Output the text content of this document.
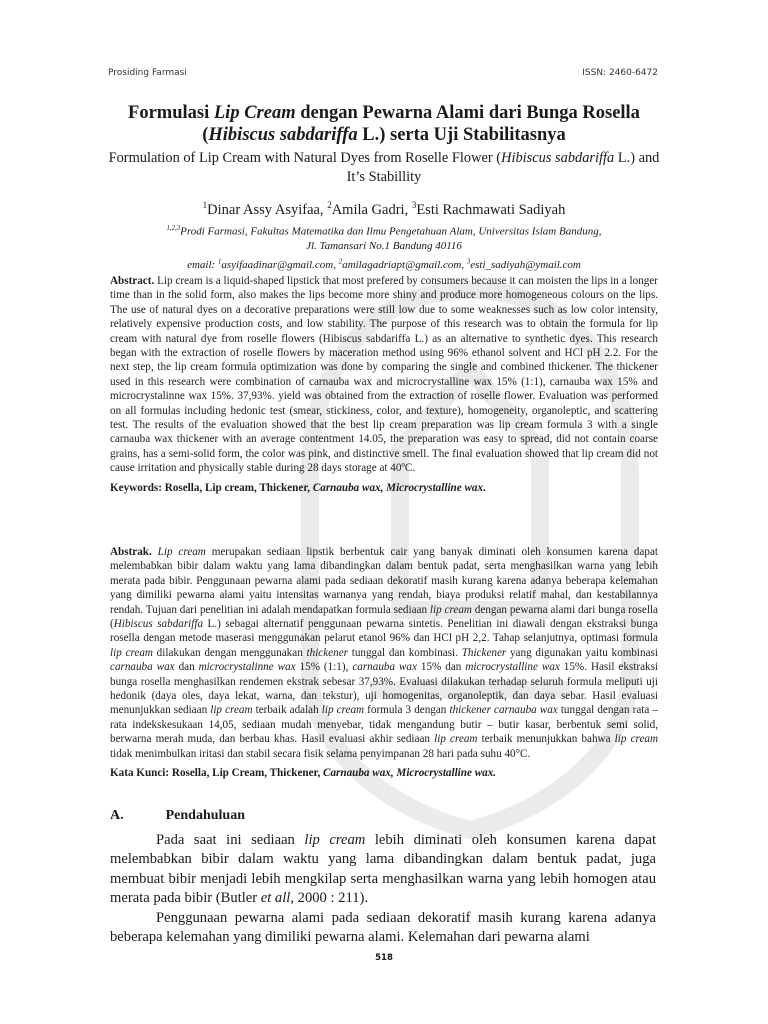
Prosiding Farmasi	ISSN: 2460-6472
Formulasi Lip Cream dengan Pewarna Alami dari Bunga Rosella
(Hibiscus sabdariffa L.) serta Uji Stabilitasnya
Formulation of Lip Cream with Natural Dyes from Roselle Flower (Hibiscus sabdariffa L.) and It’s Stabillity
$^1$Dinar Assy Asyifaa, $^2$Amila Gadri, $^3$Esti Rachmawati Sadiyah
$^{1,2,3}$Prodi Farmasi, Fakultas Matematika dan Ilmu Pengetahuan Alam, Universitas Islam Bandung,
Jl. Tamansari No.1 Bandung 40116
email: $^1$asyifaadinar@gmail.com, $^2$amilagadriapt@gmail.com, $^3$esti_sadiyah@ymail.com

Abstract. Lip cream is a liquid-shaped lipstick that most prefered by consumers because it can moisten the lips in a longer time than in the solid form, also makes the lips become more shiny and produce more homogeneous colours on the lips. The use of natural dyes on a decorative preparations were still low due to some weaknesses such as low color intensity, relatively expensive production costs, and low stability. The purpose of this research was to obtain the formula for lip cream with natural dye from roselle flowers (Hibiscus sabdariffa L.) as an alternative to synthetic dyes. This research began with the extraction of roselle flowers by maceration method using 96% ethanol solvent and HCl pH 2.2. For the next step, the lip cream formula optimization was done by comparing the single and combined thickener. The thickener used in this research were combination of carnauba wax and microcrystalline wax 15% (1:1), carnauba wax 15% and microcrystalinne wax 15%. 37,93%. yield was obtained from the extraction of roselle flower. Evaluation was performed on all formulas including hedonic test (smear, stickiness, color, and texture), homogeneity, organoleptic, and scattering test. The results of the evaluation showed that the best lip cream preparation was lip cream formula 3 with a single carnauba wax thickener with an average contentment 14.05, the preparation was easy to spread, did not contain coarse grains, has a semi-solid form, the color was pink, and distinctive smell. The final evaluation showed that lip cream did not cause irritation and physically stable during 28 days storage at 40ºC.

Keywords: Rosella, Lip cream, Thickener, Carnauba wax, Microcrystalline wax.

Abstrak. Lip cream merupakan sediaan lipstik berbentuk cair yang banyak diminati oleh konsumen karena dapat melembabkan bibir dalam waktu yang lama dibandingkan dalam bentuk padat, serta menghasilkan warna yang lebih merata pada bibir. Penggunaan pewarna alami pada sediaan dekoratif masih kurang karena adanya beberapa kelemahan yang dimiliki pewarna alami yaitu intensitas warnanya yang rendah, biaya produksi relatif mahal, dan kestabilannya rendah. Tujuan dari penelitian ini adalah mendapatkan formula sediaan lip cream dengan pewarna alami dari bunga rosella (Hibiscus sabdariffa L.) sebagai alternatif penggunaan pewarna sintetis. Penelitian ini diawali dengan ekstraksi bunga rosella dengan metode maserasi menggunakan pelarut etanol 96% dan HCl pH 2,2. Tahap selanjutnya, optimasi formula lip cream dilakukan dengan menggunakan thickener tunggal dan kombinasi. Thickener yang digunakan yaitu kombinasi carnauba wax dan microcrystalinne wax 15% (1:1), carnauba wax 15% dan microcrystalline wax 15%. Hasil ekstraksi bunga rosella menghasilkan rendemen ekstrak sebesar 37,93%. Evaluasi dilakukan terhadap seluruh formula meliputi uji hedonik (daya oles, daya lekat, warna, dan tekstur), uji homogenitas, organoleptik, dan daya sebar. Hasil evaluasi menunjukkan sediaan lip cream terbaik adalah lip cream formula 3 dengan thickener carnauba wax tunggal dengan rata – rata indekskesukaan 14,05, sediaan mudah menyebar, tidak mengandung butir – butir kasar, berbentuk semi solid, berwarna merah muda, dan berbau khas. Hasil evaluasi akhir sediaan lip cream terbaik menunjukkan bahwa lip cream tidak menimbulkan iritasi dan stabil secara fisik selama penyimpanan 28 hari pada suhu 40°C.

Kata Kunci: Rosella, Lip Cream, Thickener, Carnauba wax, Microcrystalline wax.

A.	Pendahuluan

Pada saat ini sediaan lip cream lebih diminati oleh konsumen karena dapat melembabkan bibir dalam waktu yang lama dibandingkan dalam bentuk padat, juga membuat bibir menjadi lebih mengkilap serta menghasilkan warna yang lebih homogen atau merata pada bibir (Butler et all, 2000 : 211).

Penggunaan pewarna alami pada sediaan dekoratif masih kurang karena adanya beberapa kelemahan yang dimiliki pewarna alami. Kelemahan dari pewarna alami

518
